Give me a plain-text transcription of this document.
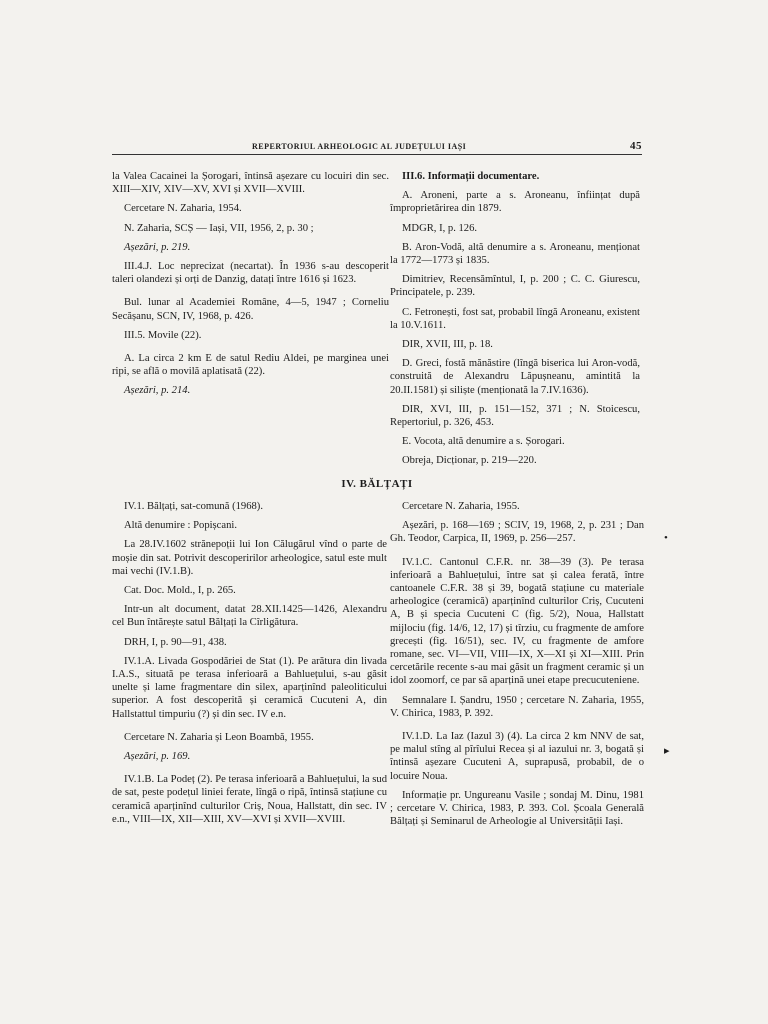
REPERTORIUL ARHEOLOGIC AL JUDEȚULUI IAȘI	45

la Valea Cacainei la Șorogari, întinsă așezare cu locuiri din sec. XIII—XIV, XIV—XV, XVI și XVII—XVIII.

Cercetare N. Zaharia, 1954.

N. Zaharia, SCȘ — Iași, VII, 1956, 2, p. 30 ;

Așezări, p. 219.

III.4.J. Loc neprecizat (necartat). În 1936 s-au descoperit taleri olandezi și orți de Danzig, datați între 1616 și 1623.

Bul. lunar al Academiei Române, 4—5, 1947 ; Corneliu Secășanu, SCN, IV, 1968, p. 426.

III.5. Movile (22).

A. La circa 2 km E de satul Rediu Aldei, pe marginea unei ripi, se află o movilă aplatisată (22).

Așezări, p. 214.

III.6. Informații documentare.

A. Aroneni, parte a s. Aroneanu, înființat după împroprietărirea din 1879.

MDGR, I, p. 126.

B. Aron-Vodă, altă denumire a s. Aroneanu, menționat la 1772—1773 și 1835.

Dimitriev, Recensămîntul, I, p. 200 ; C. C. Giurescu, Principatele, p. 239.

C. Fetronești, fost sat, probabil lîngă Aroneanu, existent la 10.V.1611.

DIR, XVII, III, p. 18.

D. Greci, fostă mănăstire (lîngă biserica lui Aron-vodă, construită de Alexandru Lăpușneanu, amintită la 20.II.1581) și siliște (menționată la 7.IV.1636).

DIR, XVI, III, p. 151—152, 371 ; N. Stoicescu, Repertoriul, p. 326, 453.

E. Vocota, altă denumire a s. Șorogari.

Obreja, Dicționar, p. 219—220.

IV. BĂLȚAȚI

IV.1. Bălțați, sat-comună (1968).

Altă denumire : Popișcani.

La 28.IV.1602 strănepoții lui Ion Călugărul vînd o parte de moșie din sat. Potrivit descoperirilor arheologice, satul este mult mai vechi (IV.1.B).

Cat. Doc. Mold., I, p. 265.

Intr-un alt document, datat 28.XII.1425—1426, Alexandru cel Bun întărește satul Bălțați la Cîrligătura.

DRH, I, p. 90—91, 438.

IV.1.A. Livada Gospodăriei de Stat (1). Pe arătura din livada I.A.S., situată pe terasa inferioară a Bahluețului, s-au găsit unelte și lame fragmentare din silex, aparținînd paleoliticului superior. A fost descoperită și ceramică Cucuteni A, din Hallstattul timpuriu (?) și din sec. IV e.n.

Cercetare N. Zaharia și Leon Boambă, 1955.

Așezări, p. 169.

IV.1.B. La Podeț (2). Pe terasa inferioară a Bahluețului, la sud de sat, peste podețul liniei ferate, lîngă o ripă, întinsă stațiune cu ceramică aparținînd culturilor Criș, Noua, Hallstatt, din sec. IV e.n., VIII—IX, XII—XIII, XV—XVI și XVII—XVIII.

Cercetare N. Zaharia, 1955.

Așezări, p. 168—169 ; SCIV, 19, 1968, 2, p. 231 ; Dan Gh. Teodor, Carpica, II, 1969, p. 256—257.

IV.1.C. Cantonul C.F.R. nr. 38—39 (3). Pe terasa inferioară a Bahluețului, între sat și calea ferată, între cantoanele C.F.R. 38 și 39, bogată stațiune cu materiale arheologice (ceramică) aparținînd culturilor Criș, Cucuteni A, B și specia Cucuteni C (fig. 5/2), Noua, Hallstatt mijlociu (fig. 14/6, 12, 17) și tîrziu, cu fragmente de amfore grecești (fig. 16/51), sec. IV, cu fragmente de amfore romane, sec. VI—VII, VIII—IX, X—XI și XI—XIII. Prin cercetările recente s-au mai găsit un fragment ceramic și un idol zoomorf, ce par să aparțină unei etape precucuteniene.

Semnalare I. Șandru, 1950 ; cercetare N. Zaharia, 1955, V. Chirica, 1983, P. 392.

IV.1.D. La Iaz (Iazul 3) (4). La circa 2 km NNV de sat, pe malul stîng al pîrîului Recea și al iazului nr. 3, bogată și întinsă așezare Cucuteni A, suprapusă, probabil, de o locuire Noua.

Informație pr. Ungureanu Vasile ; sondaj M. Dinu, 1981 ; cercetare V. Chirica, 1983, P. 393. Col. Școala Generală Bălțați și Seminarul de Arheologie al Universității Iași.

•
▸
